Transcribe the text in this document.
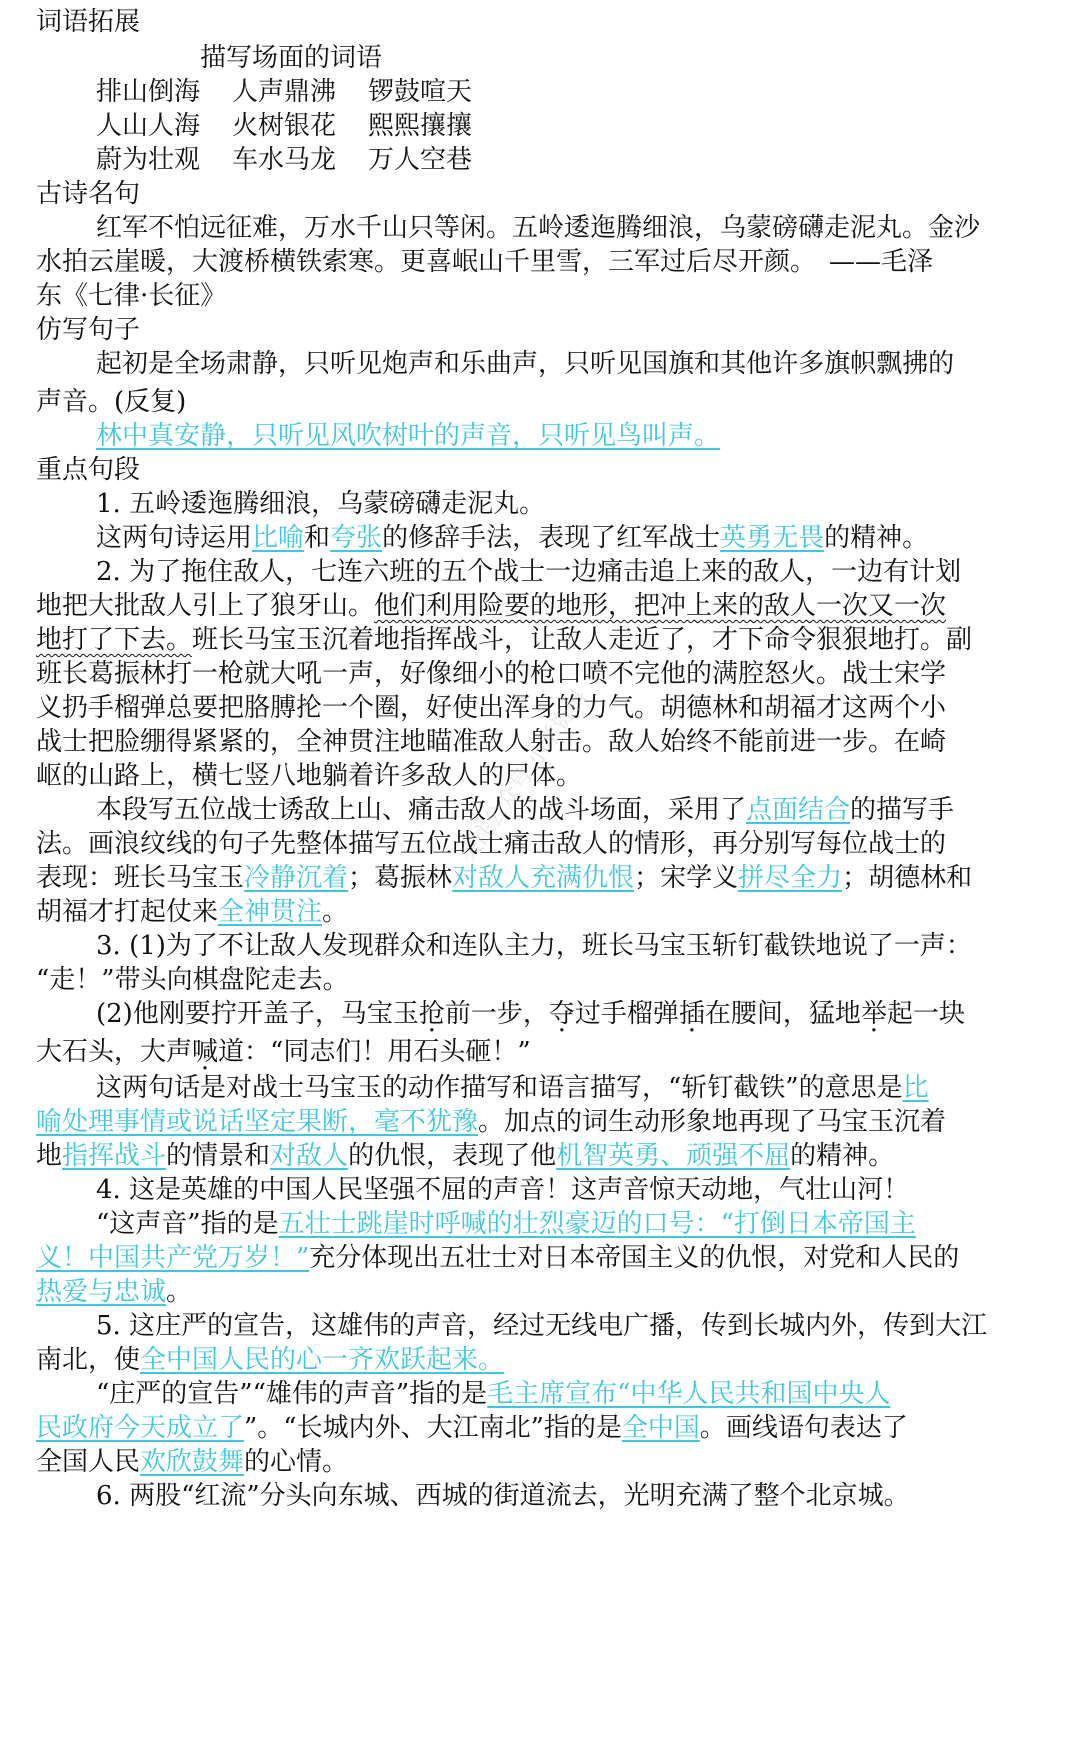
词语拓展
描写场面的词语
排山倒海 人声鼎沸 锣鼓喧天
人山人海 火树银花 熙熙攘攘
蔚为壮观 车水马龙 万人空巷
古诗名句
红军不怕远征难，万水千山只等闲。五岭逶迤腾细浪，乌蒙磅礴走泥丸。金沙
水拍云崖暖，大渡桥横铁索寒。更喜岷山千里雪，三军过后尽开颜。　——毛泽
东《七律·长征》
仿写句子
起初是全场肃静，只听见炮声和乐曲声，只听见国旗和其他许多旗帜飘拂的
声音。(反复)
林中真安静，只听见风吹树叶的声音，只听见鸟叫声。
重点句段
1. 五岭逶迤腾细浪，乌蒙磅礴走泥丸。
这两句诗运用比喻和夸张的修辞手法，表现了红军战士英勇无畏的精神。
2. 为了拖住敌人，七连六班的五个战士一边痛击追上来的敌人，一边有计划
地把大批敌人引上了狼牙山。他们利用险要的地形，把冲上来的敌人一次又一次
地打了下去。班长马宝玉沉着地指挥战斗，让敌人走近了，才下命令狠狠地打。副
班长葛振林打一枪就大吼一声，好像细小的枪口喷不完他的满腔怒火。战士宋学
义扔手榴弹总要把胳膊抡一个圈，好使出浑身的力气。胡德林和胡福才这两个小
战士把脸绷得紧紧的，全神贯注地瞄准敌人射击。敌人始终不能前进一步。在崎
岖的山路上，横七竖八地躺着许多敌人的尸体。
本段写五位战士诱敌上山、痛击敌人的战斗场面，采用了点面结合的描写手
法。画浪纹线的句子先整体描写五位战士痛击敌人的情形，再分别写每位战士的
表现：班长马宝玉冷静沉着；葛振林对敌人充满仇恨；宋学义拼尽全力；胡德林和
胡福才打起仗来全神贯注。
3. (1)为了不让敌人发现群众和连队主力，班长马宝玉斩钉截铁地说了一声：
“走！”带头向棋盘陀走去。
(2)他刚要拧开盖子，马宝玉抢前一步，夺过手榴弹插在腰间，猛地举起一块
大石头，大声喊道：“同志们！用石头砸！”
这两句话是对战士马宝玉的动作描写和语言描写，“斩钉截铁”的意思是比
喻处理事情或说话坚定果断，毫不犹豫。加点的词生动形象地再现了马宝玉沉着
地指挥战斗的情景和对敌人的仇恨，表现了他机智英勇、顽强不屈的精神。
4. 这是英雄的中国人民坚强不屈的声音！这声音惊天动地，气壮山河！
“这声音”指的是五壮士跳崖时呼喊的壮烈豪迈的口号：“打倒日本帝国主
义！中国共产党万岁！”充分体现出五壮士对日本帝国主义的仇恨，对党和人民的
热爱与忠诚。
5. 这庄严的宣告，这雄伟的声音，经过无线电广播，传到长城内外，传到大江
南北，使全中国人民的心一齐欢跃起来。
“庄严的宣告”“雄伟的声音”指的是毛主席宣布“中华人民共和国中央人
民政府今天成立了”。“长城内外、大江南北”指的是全中国。画线语句表达了
全国人民欢欣鼓舞的心情。
6. 两股“红流”分头向东城、西城的街道流去，光明充满了整个北京城。
关注公众号 小学资料
